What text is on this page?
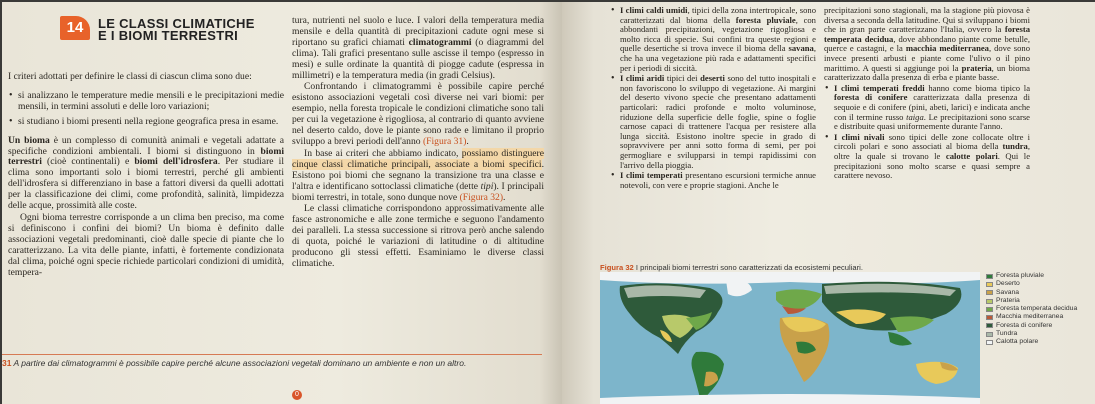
14	LE CLASSI CLIMATICHE
E I BIOMI TERRESTRI

I criteri adottati per definire le classi di ciascun clima sono due:

• si analizzano le temperature medie mensili e le precipitazioni medie mensili, in termini assoluti e delle loro variazioni;

• si studiano i biomi presenti nella regione geografica presa in esame.

Un bioma è un complesso di comunità animali e vegetali adattate a specifiche condizioni ambientali. I biomi si distinguono in biomi terrestri (cioè continentali) e biomi dell'idrosfera. Per studiare il clima sono importanti solo i biomi terrestri, perché gli ambienti dell'idrosfera si differenziano in base a fattori diversi da quelli adottati per la classificazione dei climi, come profondità, salinità, limpidezza delle acque, prossimità alle coste.

Ogni bioma terrestre corrisponde a un clima ben preciso, ma come si definiscono i confini dei biomi? Un bioma è definito dalle associazioni vegetali predominanti, cioè dalle specie di piante che lo caratterizzano. La vita delle piante, infatti, è fortemente condizionata dal clima, poiché ogni specie richiede particolari condizioni di umidità, tempera-

tura, nutrienti nel suolo e luce. I valori della temperatura media mensile e della quantità di precipitazioni cadute ogni mese si riportano su grafici chiamati climatogrammi (o diagrammi del clima). Tali grafici presentano sulle ascisse il tempo (espresso in mesi) e sulle ordinate la quantità di piogge cadute (espressa in millimetri) e la temperatura media (in gradi Celsius).

Confrontando i climatogrammi è possibile capire perché esistono associazioni vegetali così diverse nei vari biomi: per esempio, nella foresta tropicale le condizioni climatiche sono tali per cui la vegetazione è rigogliosa, al contrario di quanto avviene nel deserto caldo, dove le piante sono rade e limitano il proprio sviluppo a brevi periodi dell'anno (Figura 31).

In base ai criteri che abbiamo indicato, possiamo distinguere cinque classi climatiche principali, associate a biomi specifici. Esistono poi biomi che segnano la transizione tra una classe e l'altra e identificano sottoclassi climatiche (dette tipi). I principali biomi terrestri, in totale, sono dunque nove (Figura 32).

Le classi climatiche corrispondono approssimativamente alle fasce astronomiche e alle zone termiche e seguono l'andamento dei paralleli. La stessa successione si ritrova però anche salendo di quota, poiché le variazioni di latitudine o di altitudine producono gli stessi effetti. Esaminiamo le diverse classi climatiche.

31 A partire dai climatogrammi è possibile capire perché alcune associazioni vegetali dominano un ambiente e non un altro.
0

• I climi caldi umidi, tipici della zona intertropicale, sono caratterizzati dal bioma della foresta pluviale, con abbondanti precipitazioni, vegetazione rigogliosa e molto ricca di specie. Sui confini tra queste regioni e quelle desertiche si trova invece il bioma della savana, che ha una vegetazione più rada e adattamenti specifici per i periodi di siccità.

• I climi aridi tipici dei deserti sono del tutto inospitali e non favoriscono lo sviluppo di vegetazione. Ai margini del deserto vivono specie che presentano adattamenti particolari: radici profonde e molto voluminose, riduzione della superficie delle foglie, spine o foglie carnose capaci di trattenere l'acqua per resistere alla lunga siccità. Esistono inoltre specie in grado di sopravvivere per anni sotto forma di semi, per poi germogliare e svilupparsi in tempi rapidissimi con l'arrivo della pioggia.

• I climi temperati presentano escursioni termiche annue notevoli, con vere e proprie stagioni. Anche le

precipitazioni sono stagionali, ma la stagione più piovosa è diversa a seconda della latitudine. Qui si sviluppano i biomi che in gran parte caratterizzano l'Italia, ovvero la foresta temperata decidua, dove abbondano piante come betulle, querce e castagni, e la macchia mediterranea, dove sono invece presenti arbusti e piante come l'ulivo o il pino marittimo. A questi si aggiunge poi la prateria, un bioma caratterizzato dalla presenza di erba e piante basse.

• I climi temperati freddi hanno come bioma tipico la foresta di conifere caratterizzata dalla presenza di sequoie e di conifere (pini, abeti, larici) e indicata anche con il termine russo taiga. Le precipitazioni sono scarse e distribuite quasi uniformemente durante l'anno.

• I climi nivali sono tipici delle zone collocate oltre i circoli polari e sono associati al bioma della tundra, oltre la quale si trovano le calotte polari. Qui le precipitazioni sono molto scarse e quasi sempre a carattere nevoso.

Figura 32 I principali biomi terrestri sono caratterizzati da ecosistemi peculiari.
Foresta pluviale
Deserto
Savana
Prateria
Foresta temperata decidua
Macchia mediterranea
Foresta di conifere
Tundra
Calotta polare
